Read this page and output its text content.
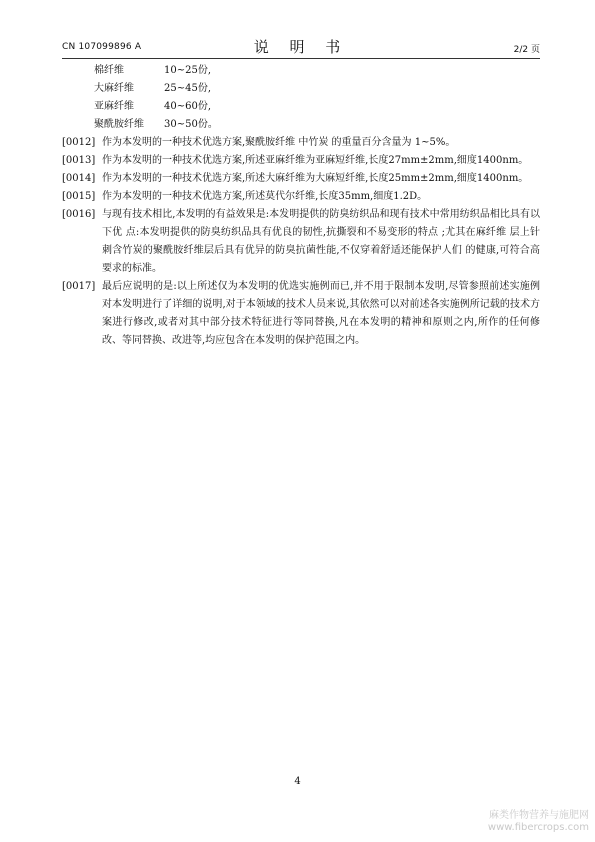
CN 107099896 A	说 明 书	2/2 页
棉纤维	10~25份,
大麻纤维	25~45份,
亚麻纤维	40~60份,
聚酰胺纤维	30~50份。
[0012] 作为本发明的一种技术优选方案,聚酰胺纤维 中竹炭 的重量百分含量为 1~5%。
[0013] 作为本发明的一种技术优选方案,所述亚麻纤维为亚麻短纤维,长度27mm±2mm,细度1400nm。
[0014] 作为本发明的一种技术优选方案,所述大麻纤维为大麻短纤维,长度25mm±2mm,细度1400nm。
[0015] 作为本发明的一种技术优选方案,所述莫代尔纤维,长度35mm,细度1.2D。
[0016] 与现有技术相比,本发明的有益效果是:本发明提供的防臭纺织品和现有技术中常用纺织品相比具有以下优 点:本发明提供的防臭纺织品具有优良的韧性,抗撕裂和不易变形的特点 ;尤其在麻纤维 层上针刺含竹炭的聚酰胺纤维层后具有优异的防臭抗菌性能,不仅穿着舒适还能保护人们 的健康,可符合高要求的标准。
[0017] 最后应说明的是:以上所述仅为本发明的优选实施例而已,并不用于限制本发明,尽管参照前述实施例对本发明进行了详细的说明,对于本领域的技术人员来说,其依然可以对前述各实施例所记载的技术方案进行修改,或者对其中部分技术特征进行等同替换,凡在本发明的精神和原则之内,所作的任何修改、等同替换、改进等,均应包含在本发明的保护范围之内。
4
麻类作物营养与施肥网
www.fibercrops.com
